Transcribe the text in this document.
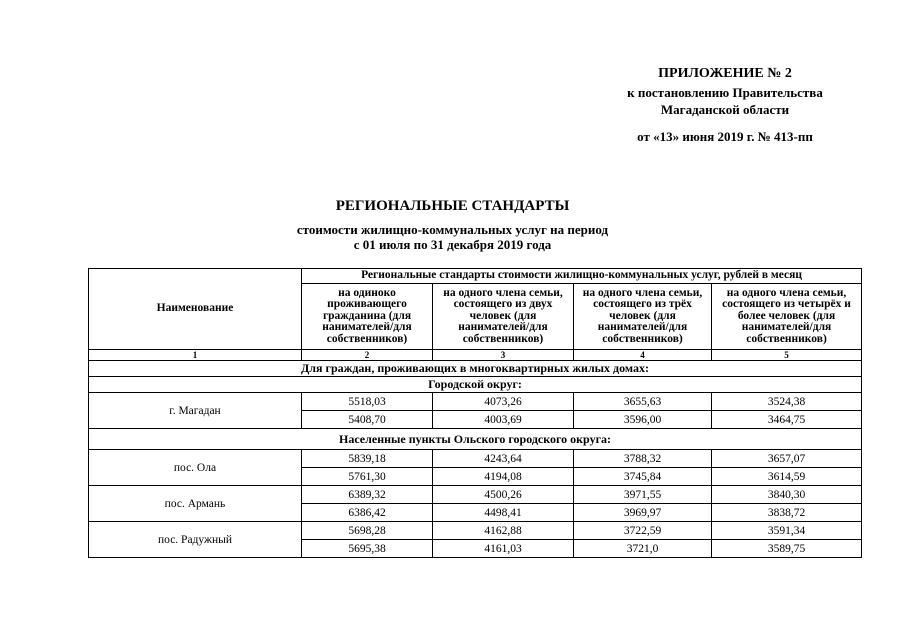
ПРИЛОЖЕНИЕ № 2
к постановлению Правительства
Магаданской области
от «13» июня 2019 г. № 413-пп
РЕГИОНАЛЬНЫЕ СТАНДАРТЫ
стоимости жилищно-коммунальных услуг на период
с 01 июля по 31 декабря 2019 года
Наименование	Региональные стандарты стоимости жилищно-коммунальных услуг, рублей в месяц			
	на одиноко проживающего гражданина (для нанимателей/для собственников)	на одного члена семьи, состоящего из двух человек (для нанимателей/для собственников)	на одного члена семьи, состоящего из трёх человек (для нанимателей/для собственников)	на одного члена семьи, состоящего из четырёх и более человек (для нанимателей/для собственников)
1	2	3	4	5
Для граждан, проживающих в многоквартирных жилых домах:				
Городской округ:				
г. Магадан	5518,03	4073,26	3655,63	3524,38
	5408,70	4003,69	3596,00	3464,75
Населенные пункты Ольского городского округа:				
пос. Ола	5839,18	4243,64	3788,32	3657,07
	5761,30	4194,08	3745,84	3614,59
пос. Армань	6389,32	4500,26	3971,55	3840,30
	6386,42	4498,41	3969,97	3838,72
пос. Радужный	5698,28	4162,88	3722,59	3591,34
	5695,38	4161,03	3721,0	3589,75
